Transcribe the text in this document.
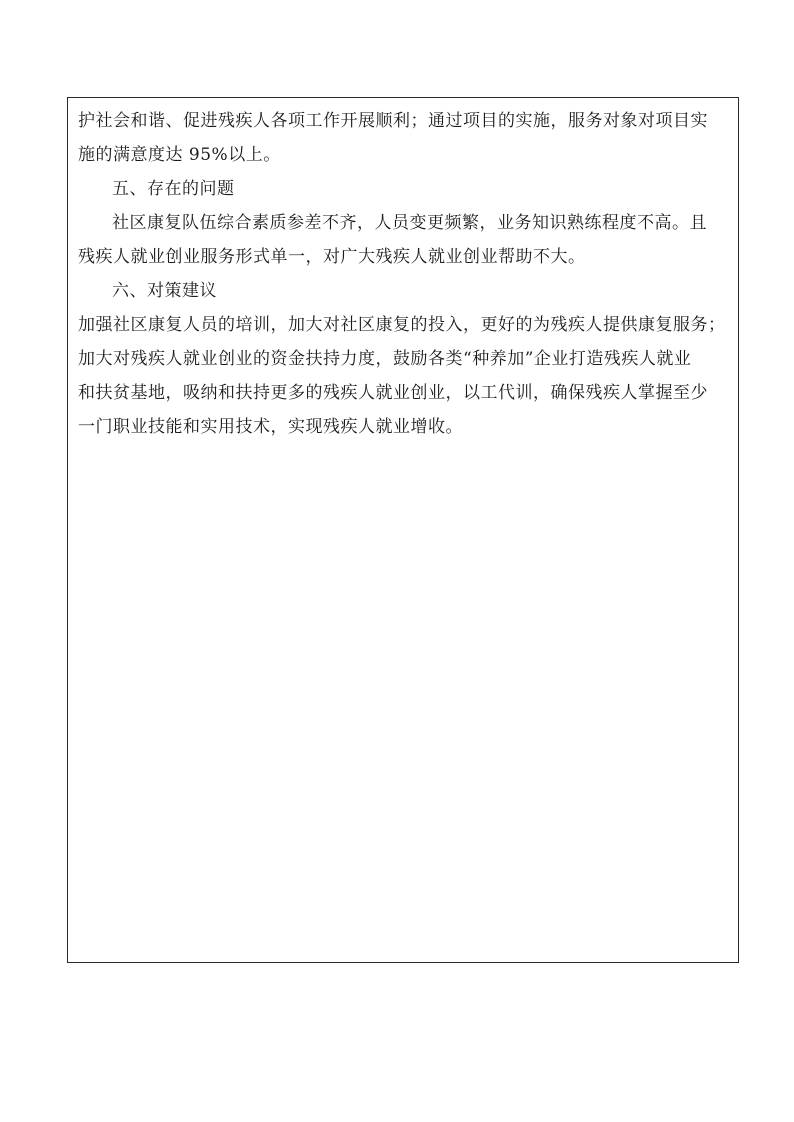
护社会和谐、促进残疾人各项工作开展顺利；通过项目的实施，服务对象对项目实
施的满意度达 95%以上。
五、存在的问题
社区康复队伍综合素质参差不齐，人员变更频繁，业务知识熟练程度不高。且
残疾人就业创业服务形式单一，对广大残疾人就业创业帮助不大。
六、对策建议
加强社区康复人员的培训，加大对社区康复的投入，更好的为残疾人提供康复服务；
加大对残疾人就业创业的资金扶持力度，鼓励各类“种养加”企业打造残疾人就业
和扶贫基地，吸纳和扶持更多的残疾人就业创业，以工代训，确保残疾人掌握至少
一门职业技能和实用技术，实现残疾人就业增收。
